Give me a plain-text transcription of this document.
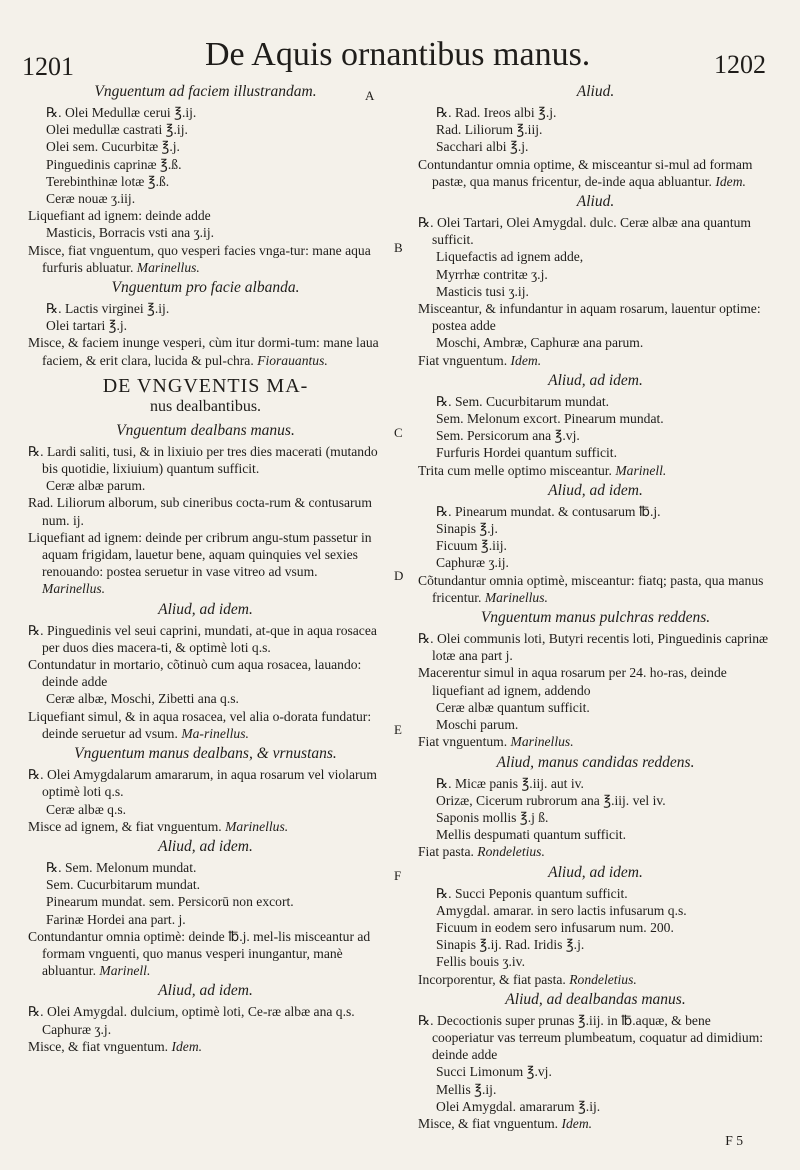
1201	De Aquis ornantibus manus.	1202
Vnguentum ad faciem illustrandam.
℞. Olei Medullæ cerui ℥.ij.
Olei medullæ castrati ℥.ij.
Olei sem. Cucurbitæ ℥.j.
Pinguedinis caprinæ ℥.ß.
Terebinthinæ lotæ ℥.ß.
Ceræ nouæ ʒ.iij.
Liquefiant ad ignem: deinde adde
Masticis, Borracis vsti ana ʒ.ij.
Misce, fiat vnguentum, quo vesperi facies vnga-tur: mane aqua furfuris abluatur. Marinellus.
Vnguentum pro facie albanda.
℞. Lactis virginei ℥.ij.
Olei tartari ℥.j.
Misce, & faciem inunge vesperi, cùm itur dormi-tum: mane laua faciem, & erit clara, lucida & pul-chra. Fiorauantus.
DE VNGVENTIS MA-
nus dealbantibus.
Vnguentum dealbans manus.
℞. Lardi saliti, tusi, & in lixiuio per tres dies macerati (mutando bis quotidie, lixiuium) quantum sufficit.
Ceræ albæ parum.
Rad. Liliorum alborum, sub cineribus cocta-rum & contusarum num. ij.
Liquefiant ad ignem: deinde per cribrum angu-stum passetur in aquam frigidam, lauetur bene, aquam quinquies vel sexies renouando: postea seruetur in vase vitreo ad vsum. Marinellus.
Aliud, ad idem.
℞. Pinguedinis vel seui caprini, mundati, at-que in aqua rosacea per duos dies macera-ti, & optimè loti q.s.
Contundatur in mortario, cõtinuò cum aqua rosacea, lauando: deinde adde
Ceræ albæ, Moschi, Zibetti ana q.s.
Liquefiant simul, & in aqua rosacea, vel alia o-dorata fundatur: deinde seruetur ad vsum. Ma-rinellus.
Vnguentum manus dealbans, & vrnustans.
℞. Olei Amygdalarum amararum, in aqua rosarum vel violarum optimè loti q.s.
Ceræ albæ q.s.
Misce ad ignem, & fiat vnguentum. Marinellus.
Aliud, ad idem.
℞. Sem. Melonum mundat.
Sem. Cucurbitarum mundat.
Pinearum mundat. sem. Persicorū non excort.
Farinæ Hordei ana part. j.
Contundantur omnia optimè: deinde ℔.j. mel-lis misceantur ad formam vnguenti, quo manus vesperi inungantur, manè abluantur. Marinell.
Aliud, ad idem.
℞. Olei Amygdal. dulcium, optimè loti, Ce-ræ albæ ana q.s. Caphuræ ʒ.j.
Misce, & fiat vnguentum. Idem.
Aliud.
℞. Rad. Ireos albi ℥.j.
Rad. Liliorum ℥.iij.
Sacchari albi ℥.j.
Contundantur omnia optime, & misceantur si-mul ad formam pastæ, qua manus fricentur, de-inde aqua abluantur. Idem.
Aliud.
℞. Olei Tartari, Olei Amygdal. dulc. Ceræ albæ ana quantum sufficit.
Liquefactis ad ignem adde,
Myrrhæ contritæ ʒ.j.
Masticis tusi ʒ.ij.
Misceantur, & infundantur in aquam rosarum, lauentur optime: postea adde
Moschi, Ambræ, Caphuræ ana parum.
Fiat vnguentum. Idem.
Aliud, ad idem.
℞. Sem. Cucurbitarum mundat.
Sem. Melonum excort. Pinearum mundat.
Sem. Persicorum ana ℥.vj.
Furfuris Hordei quantum sufficit.
Trita cum melle optimo misceantur. Marinell.
Aliud, ad idem.
℞. Pinearum mundat. & contusarum ℔.j.
Sinapis ℥.j.
Ficuum ℥.iij.
Caphuræ ʒ.ij.
Cõtundantur omnia optimè, misceantur: fiatq; pasta, qua manus fricentur. Marinellus.
Vnguentum manus pulchras reddens.
℞. Olei communis loti, Butyri recentis loti, Pinguedinis caprinæ lotæ ana part j.
Macerentur simul in aqua rosarum per 24. ho-ras, deinde liquefiant ad ignem, addendo
Ceræ albæ quantum sufficit.
Moschi parum.
Fiat vnguentum. Marinellus.
Aliud, manus candidas reddens.
℞. Micæ panis ℥.iij. aut iv.
Orizæ, Cicerum rubrorum ana ℥.iij. vel iv.
Saponis mollis ℥.j ß.
Mellis despumati quantum sufficit.
Fiat pasta. Rondeletius.
Aliud, ad idem.
℞. Succi Peponis quantum sufficit.
Amygdal. amarar. in sero lactis infusarum q.s.
Ficuum in eodem sero infusarum num. 200.
Sinapis ℥.ij. Rad. Iridis ℥.j.
Fellis bouis ʒ.iv.
Incorporentur, & fiat pasta. Rondeletius.
Aliud, ad dealbandas manus.
℞. Decoctionis super prunas ℥.iij. in ℔.aquæ, & bene cooperiatur vas terreum plumbeatum, coquatur ad dimidium: deinde adde
Succi Limonum ℥.vj.
Mellis ℥.ij.
Olei Amygdal. amararum ℥.ij.
Misce, & fiat vnguentum. Idem.
F 5
A
B
C
D
E
F
